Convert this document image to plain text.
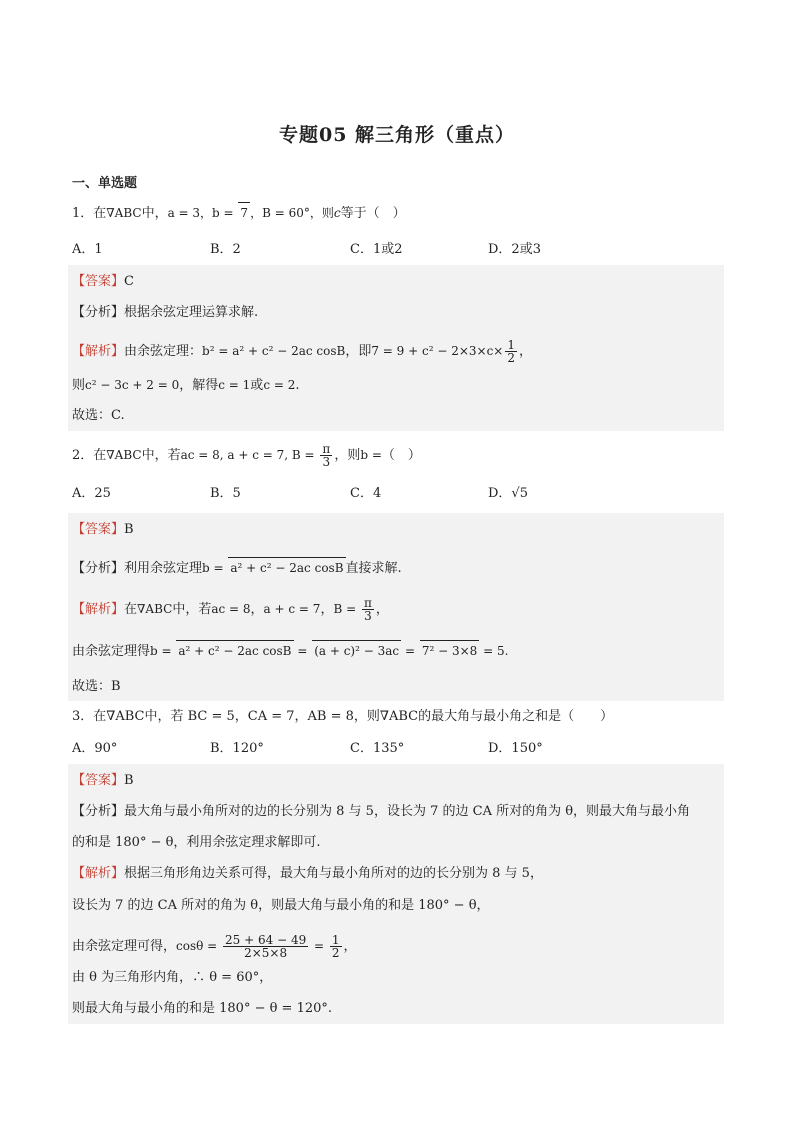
专题05 解三角形（重点）
一、单选题
1．在∇ABC中，a = 3，b = 7 ，B = 60°，则c等于（　）
A．1	B．2	C．1或2	D．2或3
【答案】C
【分析】根据余弦定理运算求解.
【解析】由余弦定理：b² = a² + c² − 2ac cosB，即$7 = 9 + c^2 - 2\times 3\times c\times \frac{1}{2}$ ，
则c² − 3c + 2 = 0，解得c = 1或c = 2.
故选：C.
2．在∇ABC中，若ac = 8, a + c = 7, $B = \frac{\pi}{3}$ ，则b =（　）
A．25	B．5	C．4	D．√5
【答案】B
【分析】利用余弦定理b = a² + c² − 2ac cosB 直接求解.
【解析】在∇ABC中，若ac = 8，a + c = 7，$B = \frac{\pi}{3}$ ，
由余弦定理得b = a² + c² − 2ac cosB = (a + c)² − 3ac = 7² − 3×8 = 5.
故选：B
3．在∇ABC中，若 BC = 5，CA = 7，AB = 8，则∇ABC的最大角与最小角之和是（　　）
A．90°	B．120°	C．135°	D．150°
【答案】B
【分析】最大角与最小角所对的边的长分别为 8 与 5，设长为 7 的边 CA 所对的角为 θ，则最大角与最小角
的和是 180° − θ，利用余弦定理求解即可.
【解析】根据三角形角边关系可得，最大角与最小角所对的边的长分别为 8 与 5，
设长为 7 的边 CA 所对的角为 θ，则最大角与最小角的和是 180° − θ，
由余弦定理可得，$\cos\theta = \frac{25 + 64 - 49}{2\times 5\times 8} = \frac{1}{2}$ ，
由 θ 为三角形内角，∴ θ = 60°，
则最大角与最小角的和是 180° − θ = 120°.
